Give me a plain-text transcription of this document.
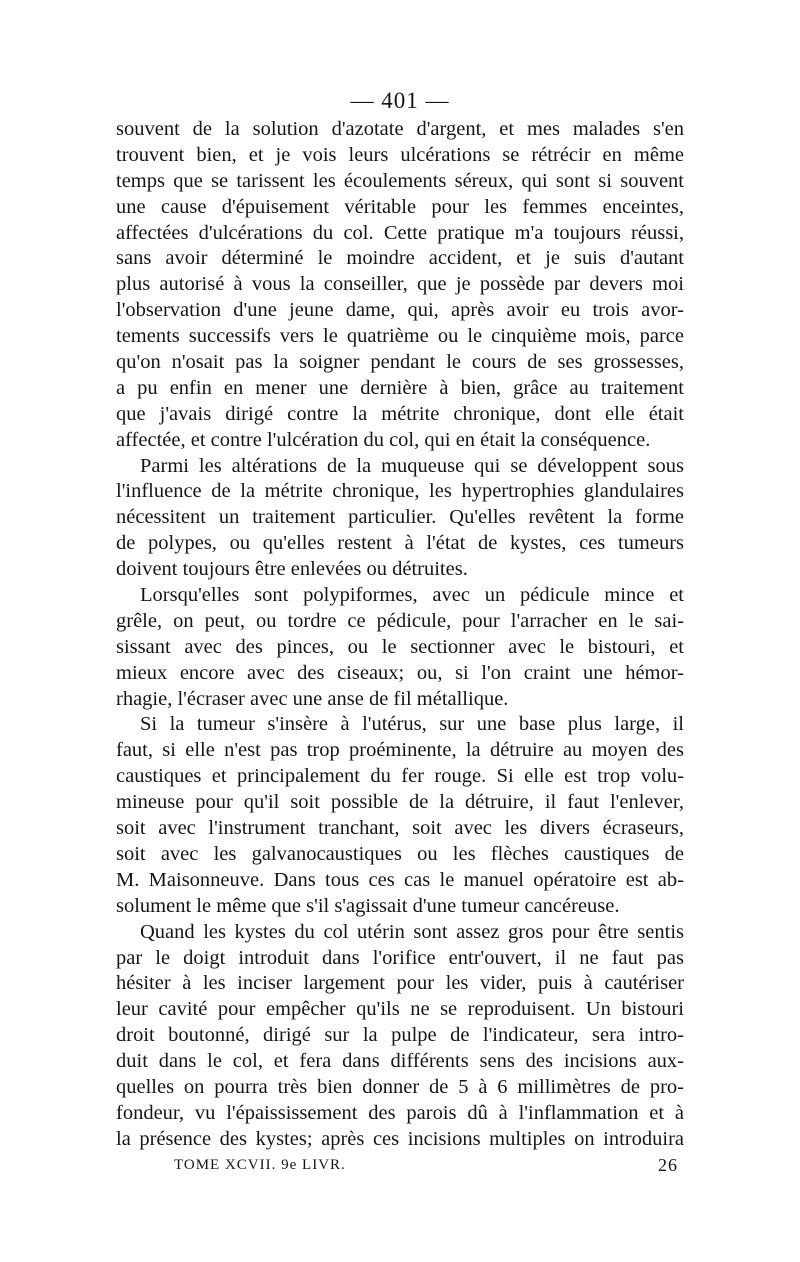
— 401 —
souvent de la solution d'azotate d'argent, et mes malades s'en
trouvent bien, et je vois leurs ulcérations se rétrécir en même
temps que se tarissent les écoulements séreux, qui sont si souvent
une cause d'épuisement véritable pour les femmes enceintes,
affectées d'ulcérations du col. Cette pratique m'a toujours réussi,
sans avoir déterminé le moindre accident, et je suis d'autant
plus autorisé à vous la conseiller, que je possède par devers moi
l'observation d'une jeune dame, qui, après avoir eu trois avor-
tements successifs vers le quatrième ou le cinquième mois, parce
qu'on n'osait pas la soigner pendant le cours de ses grossesses,
a pu enfin en mener une dernière à bien, grâce au traitement
que j'avais dirigé contre la métrite chronique, dont elle était
affectée, et contre l'ulcération du col, qui en était la conséquence.
Parmi les altérations de la muqueuse qui se développent sous
l'influence de la métrite chronique, les hypertrophies glandulaires
nécessitent un traitement particulier. Qu'elles revêtent la forme
de polypes, ou qu'elles restent à l'état de kystes, ces tumeurs
doivent toujours être enlevées ou détruites.
Lorsqu'elles sont polypiformes, avec un pédicule mince et
grêle, on peut, ou tordre ce pédicule, pour l'arracher en le sai-
sissant avec des pinces, ou le sectionner avec le bistouri, et
mieux encore avec des ciseaux; ou, si l'on craint une hémor-
rhagie, l'écraser avec une anse de fil métallique.
Si la tumeur s'insère à l'utérus, sur une base plus large, il
faut, si elle n'est pas trop proéminente, la détruire au moyen des
caustiques et principalement du fer rouge. Si elle est trop volu-
mineuse pour qu'il soit possible de la détruire, il faut l'enlever,
soit avec l'instrument tranchant, soit avec les divers écraseurs,
soit avec les galvanocaustiques ou les flèches caustiques de
M. Maisonneuve. Dans tous ces cas le manuel opératoire est ab-
solument le même que s'il s'agissait d'une tumeur cancéreuse.
Quand les kystes du col utérin sont assez gros pour être sentis
par le doigt introduit dans l'orifice entr'ouvert, il ne faut pas
hésiter à les inciser largement pour les vider, puis à cautériser
leur cavité pour empêcher qu'ils ne se reproduisent. Un bistouri
droit boutonné, dirigé sur la pulpe de l'indicateur, sera intro-
duit dans le col, et fera dans différents sens des incisions aux-
quelles on pourra très bien donner de 5 à 6 millimètres de pro-
fondeur, vu l'épaississement des parois dû à l'inflammation et à
la présence des kystes; après ces incisions multiples on introduira
TOME XCVII. 9e LIVR.	26
